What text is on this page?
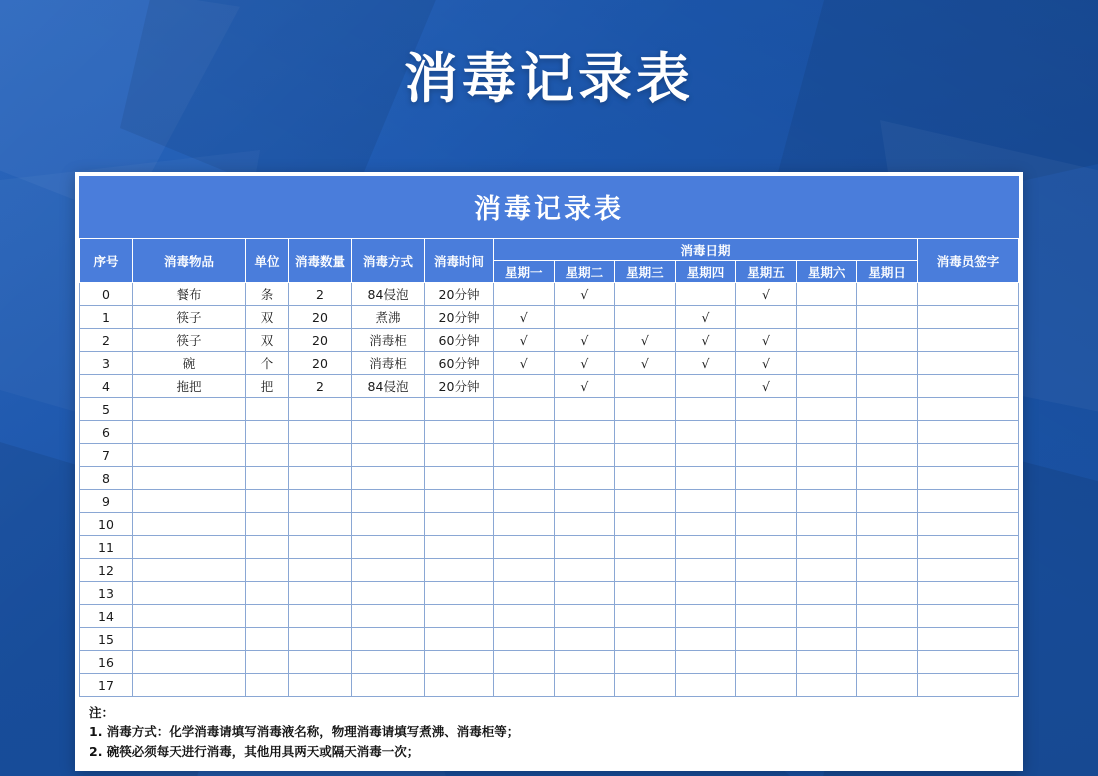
消毒记录表
消毒记录表
序号	消毒物品	单位	消毒数量	消毒方式	消毒时间	消毒日期							消毒员签字
						星期一	星期二	星期三	星期四	星期五	星期六	星期日	
0	餐布	条	2	84侵泡	20分钟		√			√			
1	筷子	双	20	煮沸	20分钟	√			√				
2	筷子	双	20	消毒柜	60分钟	√	√	√	√	√			
3	碗	个	20	消毒柜	60分钟	√	√	√	√	√			
4	拖把	把	2	84侵泡	20分钟		√			√			
5													
6													
7													
8													
9													
10													
11													
12													
13													
14													
15													
16													
17													
注：
1. 消毒方式：化学消毒请填写消毒液名称，物理消毒请填写煮沸、消毒柜等；
2. 碗筷必须每天进行消毒，其他用具两天或隔天消毒一次；
